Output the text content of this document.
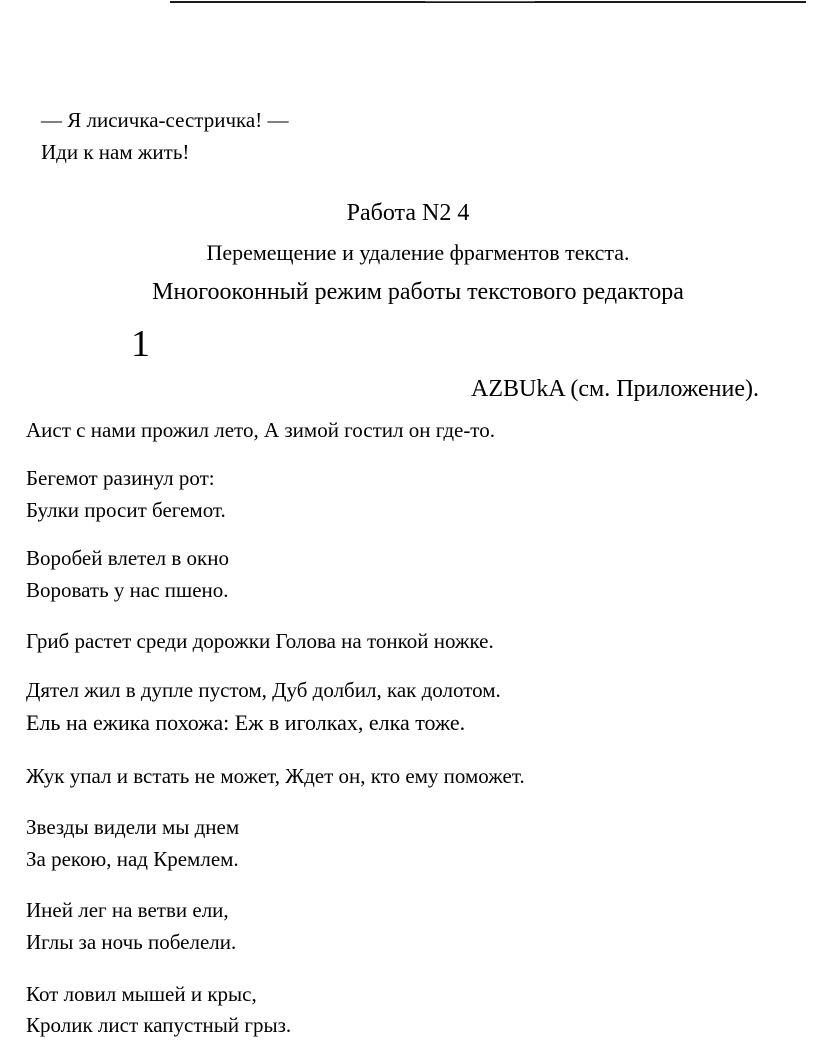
— Я лисичка-сестричка! —
Иди к нам жить!
Работа N2 4
Перемещение и удаление фрагментов текста.
Многооконный режим работы текстового редактора
1
AZBUkA (см. Приложение).
Аист с нами прожил лето, А зимой гостил он где-то.
Бегемот разинул рот:
Булки просит бегемот.
Воробей влетел в окно
Воровать у нас пшено.
Гриб растет среди дорожки Голова на тонкой ножке.
Дятел жил в дупле пустом, Дуб долбил, как долотом.
Ель на ежика похожа: Еж в иголках, елка тоже.
Жук упал и встать не может, Ждет он, кто ему поможет.
Звезды видели мы днем
За рекою, над Кремлем.
Иней лег на ветви ели,
Иглы за ночь побелели.
Кот ловил мышей и крыс,
Кролик лист капустный грыз.
